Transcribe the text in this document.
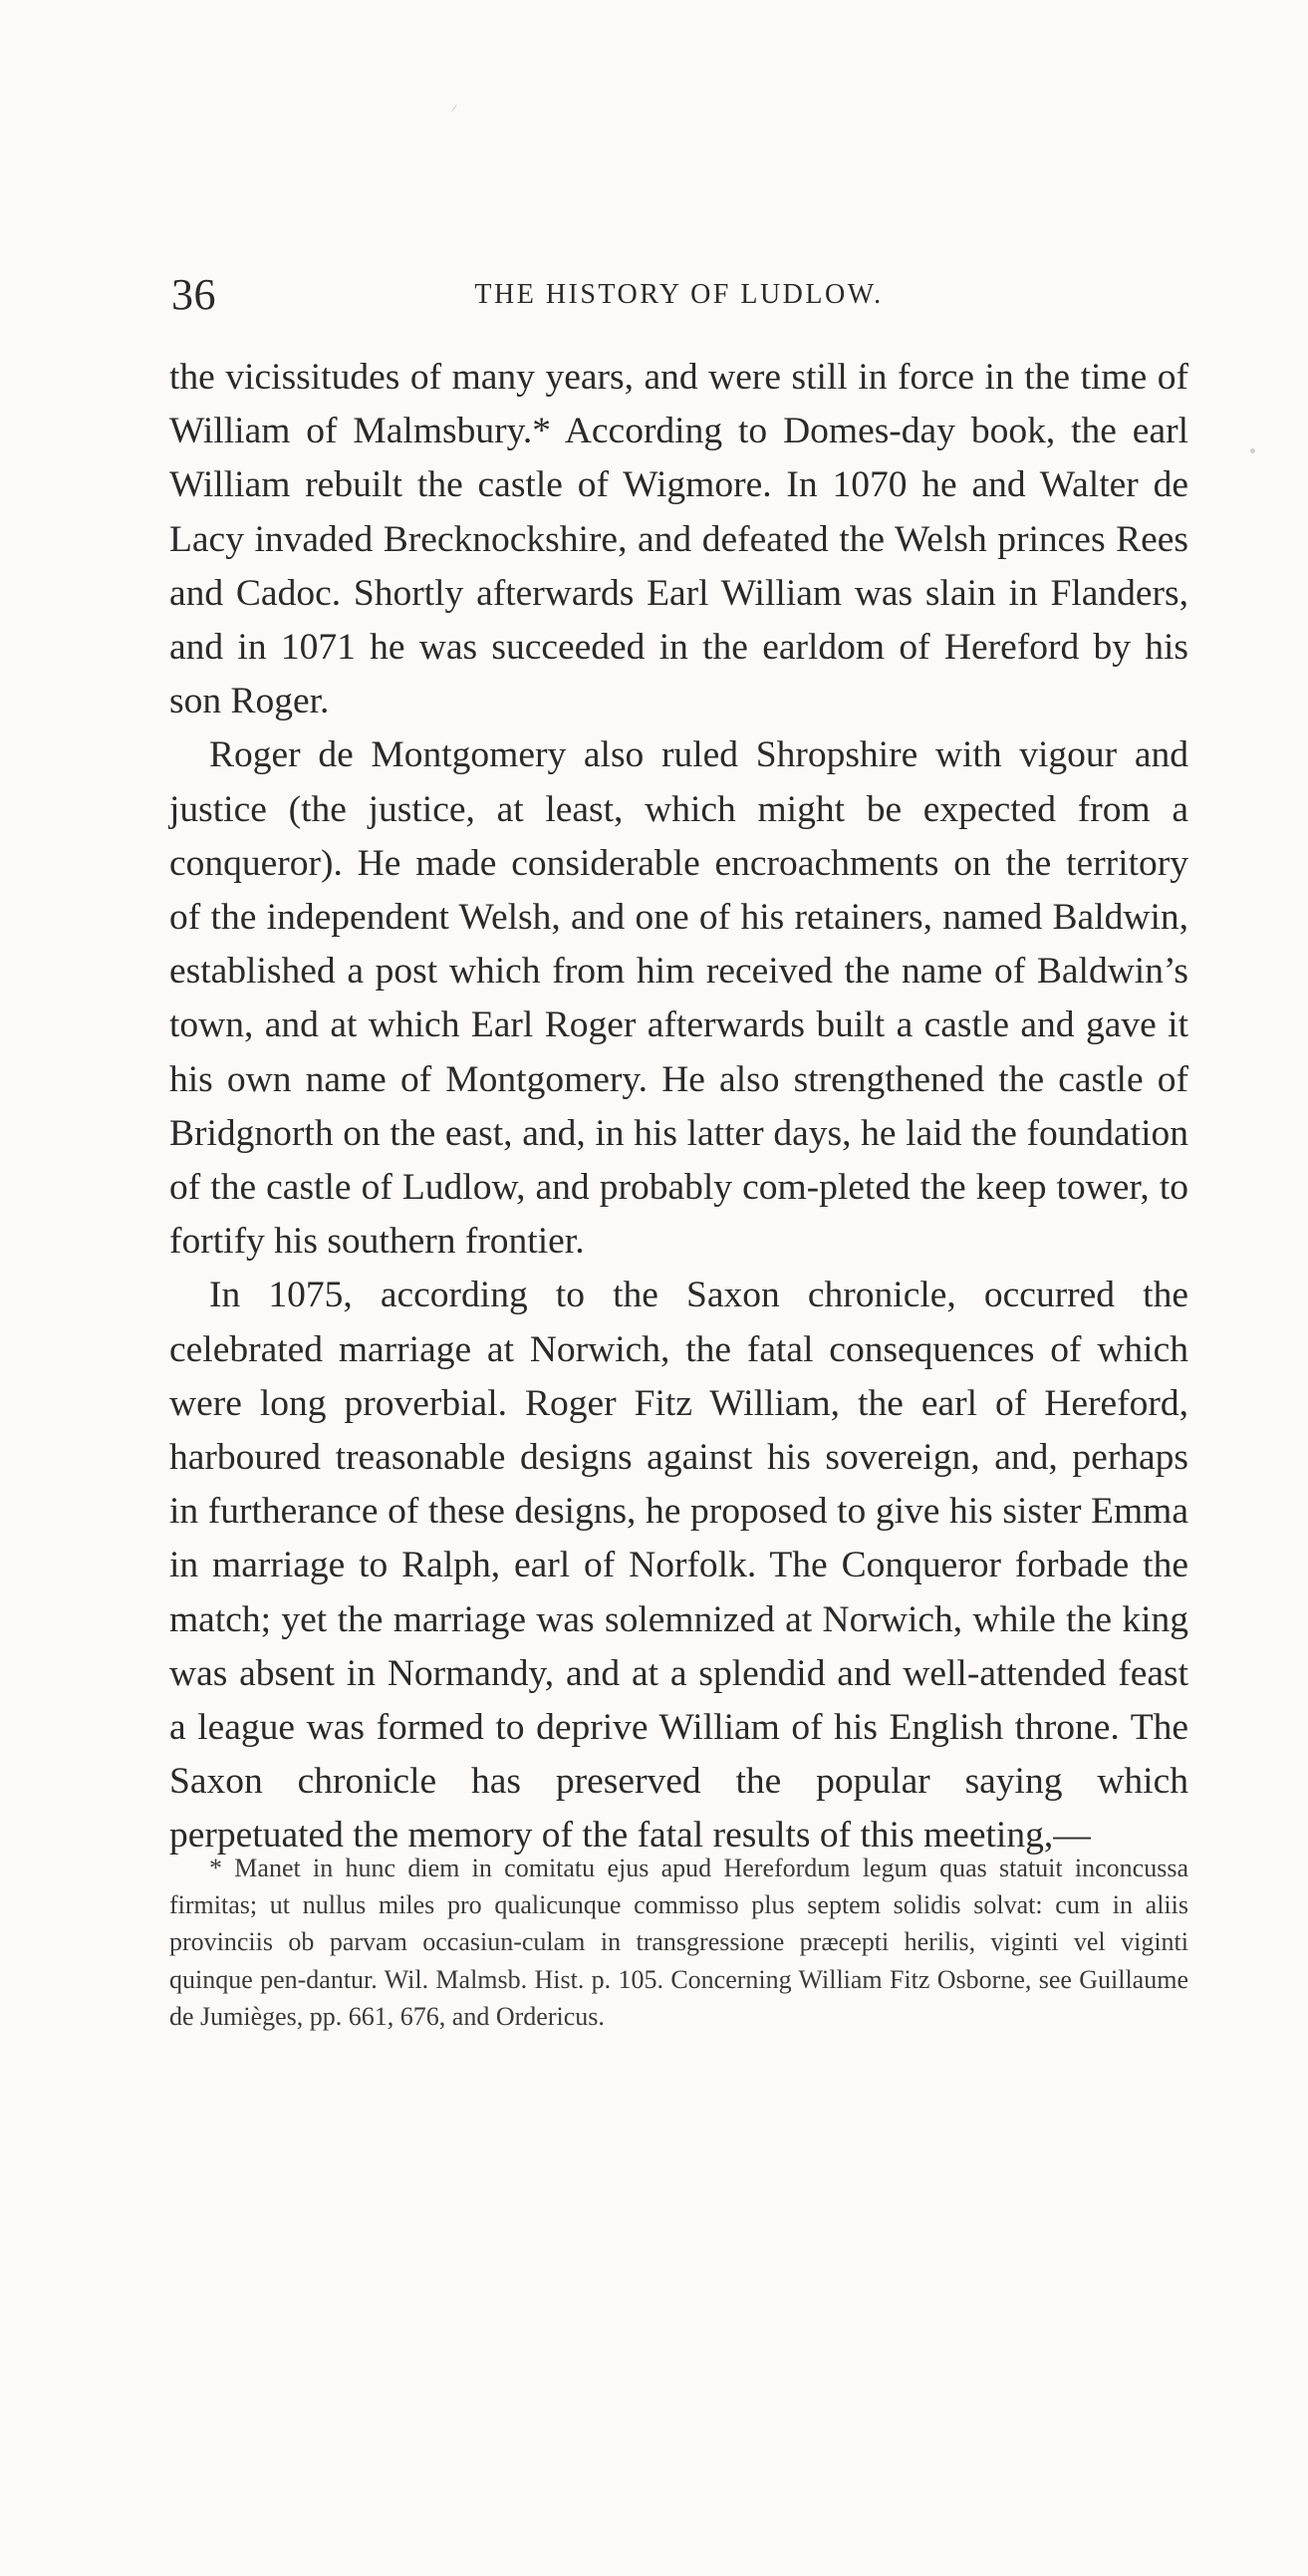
36	THE HISTORY OF LUDLOW.

the vicissitudes of many years, and were still in force in the time of William of Malmsbury.* According to Domes-day book, the earl William rebuilt the castle of Wigmore. In 1070 he and Walter de Lacy invaded Brecknockshire, and defeated the Welsh princes Rees and Cadoc. Shortly afterwards Earl William was slain in Flanders, and in 1071 he was succeeded in the earldom of Hereford by his son Roger.

Roger de Montgomery also ruled Shropshire with vigour and justice (the justice, at least, which might be expected from a conqueror). He made considerable encroachments on the territory of the independent Welsh, and one of his retainers, named Baldwin, established a post which from him received the name of Baldwin’s town, and at which Earl Roger afterwards built a castle and gave it his own name of Montgomery. He also strengthened the castle of Bridgnorth on the east, and, in his latter days, he laid the foundation of the castle of Ludlow, and probably com-pleted the keep tower, to fortify his southern frontier.

In 1075, according to the Saxon chronicle, occurred the celebrated marriage at Norwich, the fatal consequences of which were long proverbial. Roger Fitz William, the earl of Hereford, harboured treasonable designs against his sovereign, and, perhaps in furtherance of these designs, he proposed to give his sister Emma in marriage to Ralph, earl of Norfolk. The Conqueror forbade the match; yet the marriage was solemnized at Norwich, while the king was absent in Normandy, and at a splendid and well-attended feast a league was formed to deprive William of his English throne. The Saxon chronicle has preserved the popular saying which perpetuated the memory of the fatal results of this meeting,—

* Manet in hunc diem in comitatu ejus apud Herefordum legum quas statuit inconcussa firmitas; ut nullus miles pro qualicunque commisso plus septem solidis solvat: cum in aliis provinciis ob parvam occasiun-culam in transgressione præcepti herilis, viginti vel viginti quinque pen-dantur. Wil. Malmsb. Hist. p. 105. Concerning William Fitz Osborne, see Guillaume de Jumièges, pp. 661, 676, and Ordericus.
